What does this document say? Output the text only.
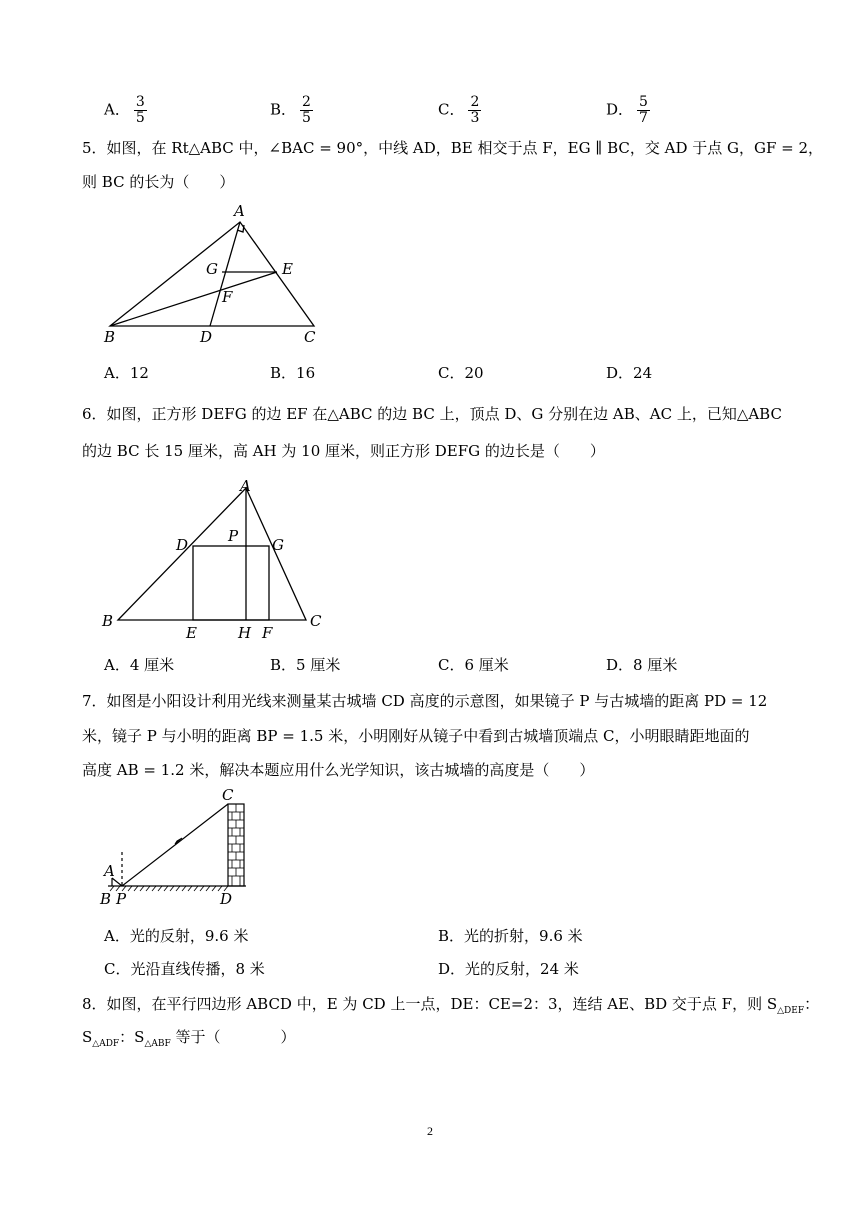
A． $\frac{3}{5}$	B． $\frac{2}{5}$	C． $\frac{2}{3}$	D． $\frac{5}{7}$
5．如图，在 Rt△ABC 中，∠BAC = 90°，中线 AD，BE 相交于点 F，EG ∥ BC，交 AD 于点 G，GF = 2，
则 BC 的长为（　　）
A
B	C
D
E
F
G
A．12	B．16	C．20	D．24
6．如图，正方形 DEFG 的边 EF 在△ABC 的边 BC 上，顶点 D、G 分别在边 AB、AC 上，已知△ABC
的边 BC 长 15 厘米，高 AH 为 10 厘米，则正方形 DEFG 的边长是（　　）
A
B	C
D
E	F
G
H
P
A．4 厘米	B．5 厘米	C．6 厘米	D．8 厘米
7．如图是小阳设计利用光线来测量某古城墙 CD 高度的示意图，如果镜子 P 与古城墙的距离 PD = 12
米，镜子 P 与小明的距离 BP = 1.5 米，小明刚好从镜子中看到古城墙顶端点 C，小明眼睛距地面的
高度 AB = 1.2 米，解决本题应用什么光学知识，该古城墙的高度是（　　）
C
A
B P	D
A．光的反射，9.6 米	B．光的折射，9.6 米
C．光沿直线传播，8 米	D．光的反射，24 米
8．如图，在平行四边形 ABCD 中，E 为 CD 上一点，DE：CE=2：3，连结 AE、BD 交于点 F，则 $S_{\triangle DEF}$：
$S_{\triangle ADF}$：$S_{\triangle ABF}$ 等于（　　　　）
2
